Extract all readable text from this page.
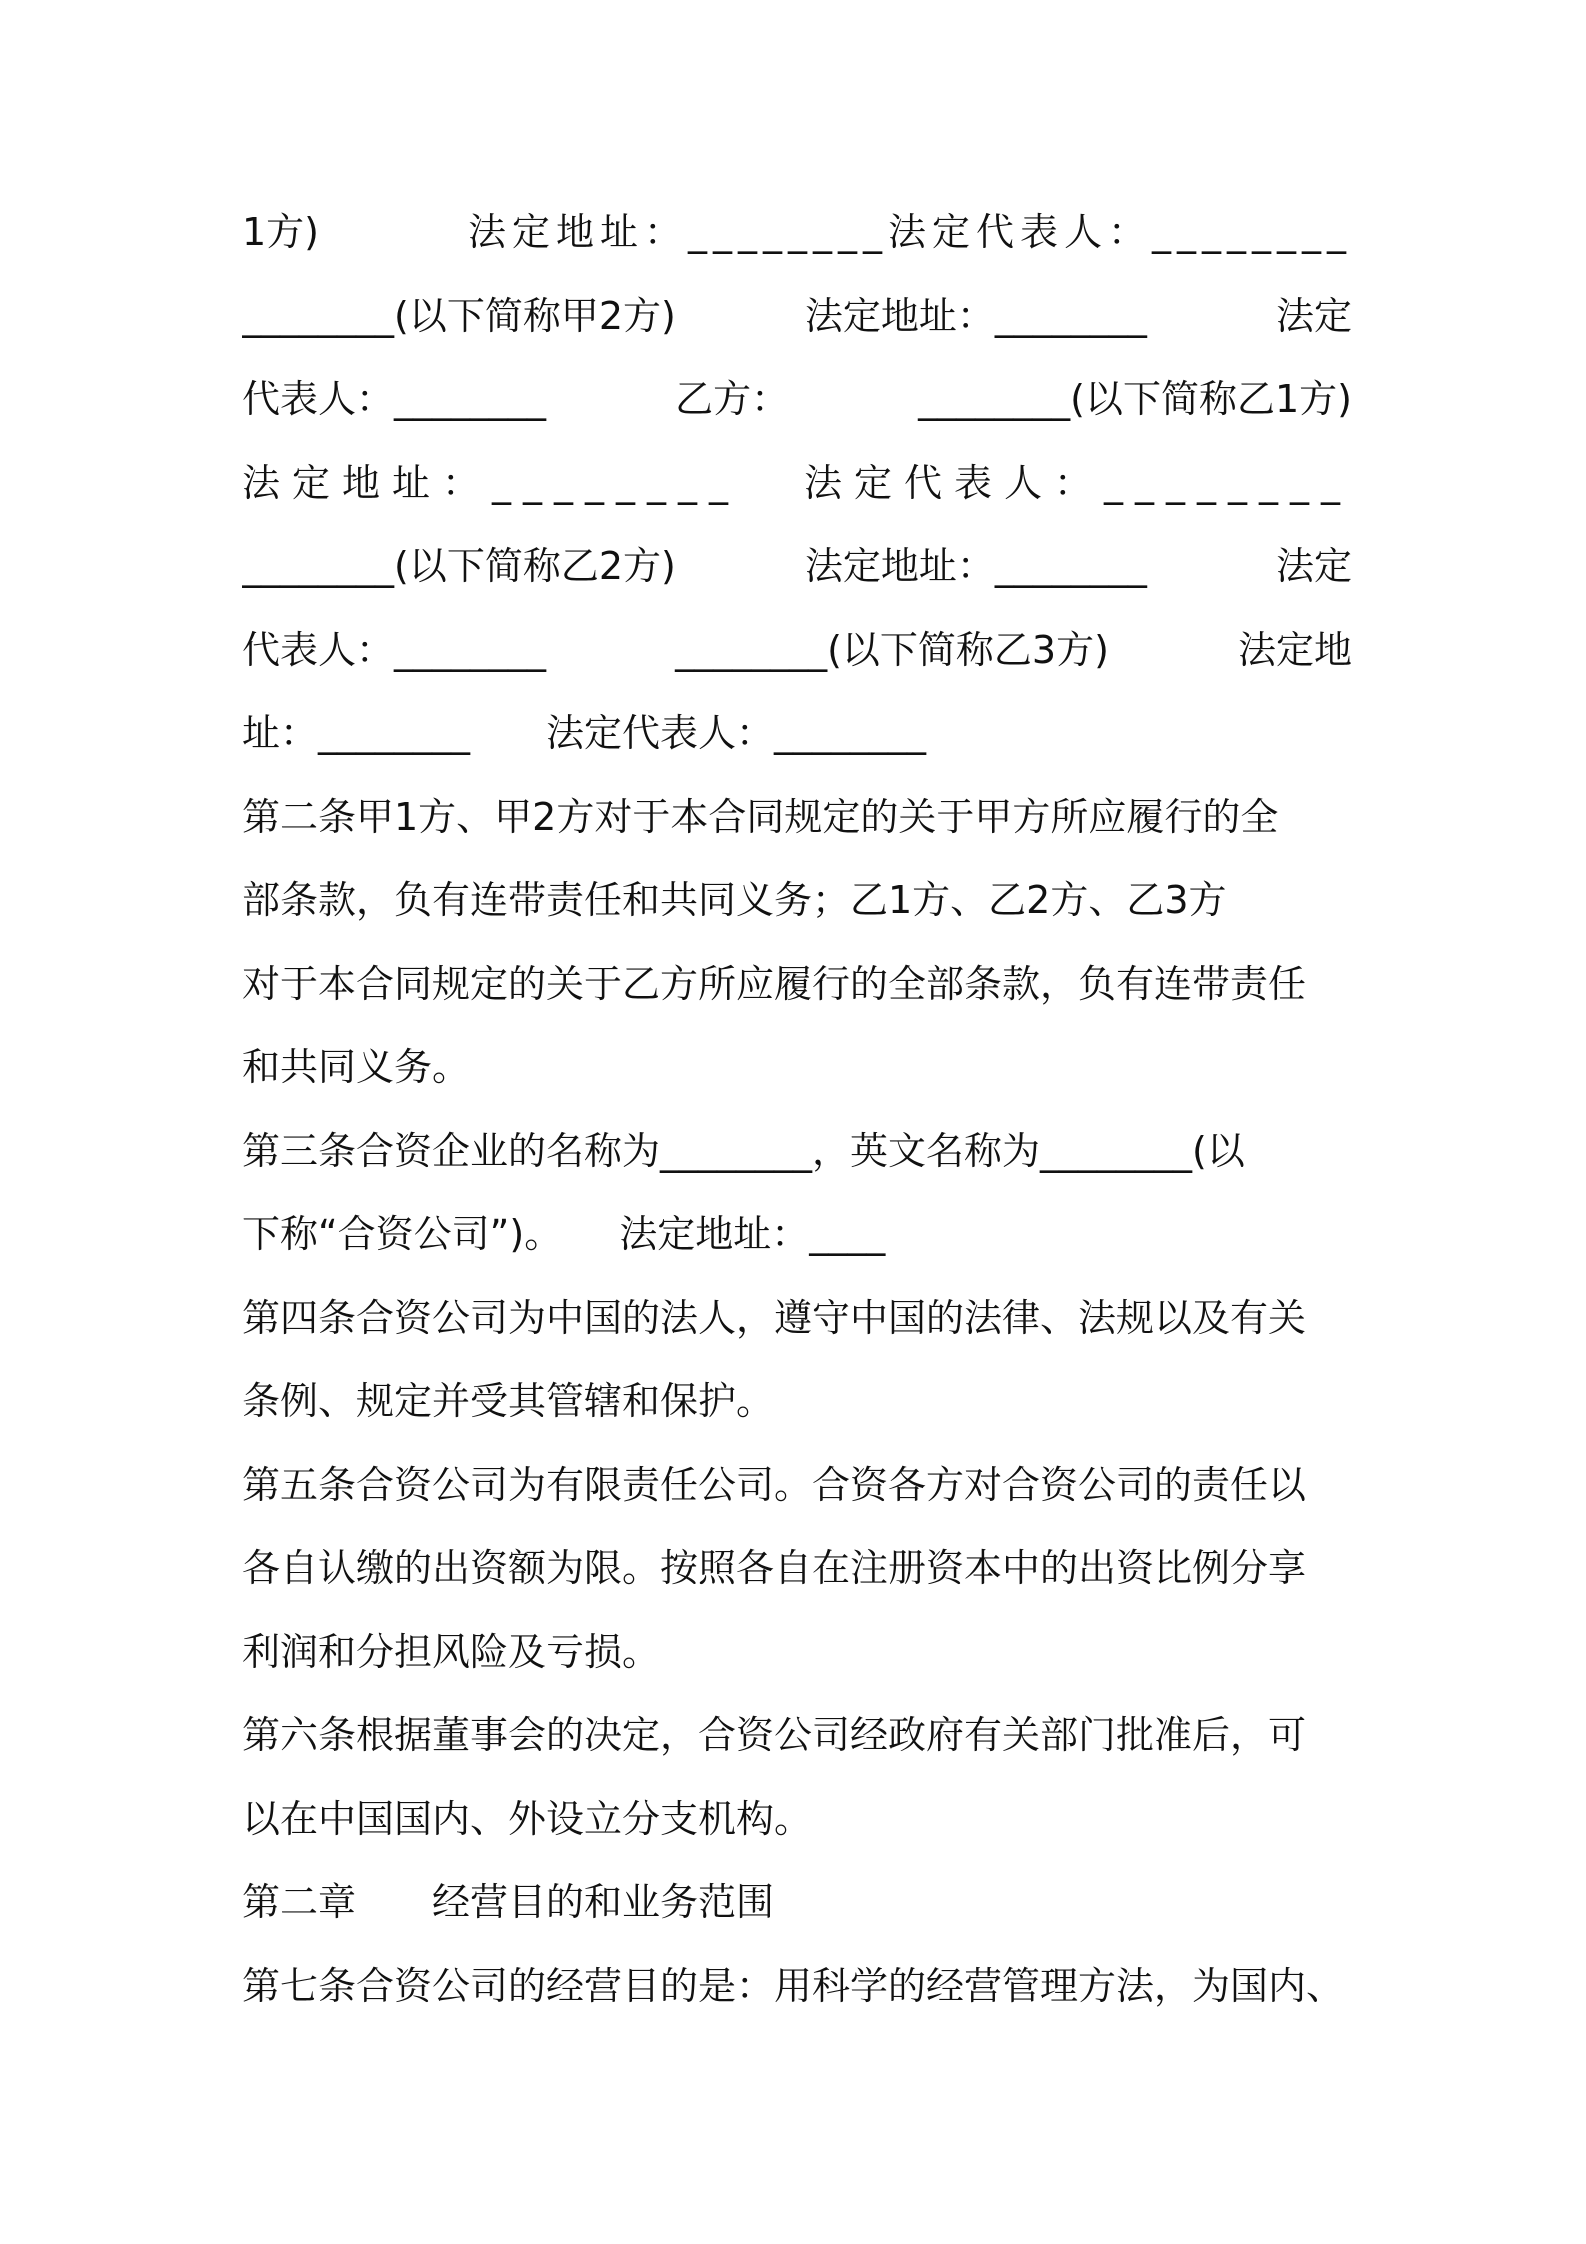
1方)	法定地址：________法定代表人：________
________(以下简称甲2方)	法定地址：________	法定
代表人：________	乙方：	________(以下简称乙1方)
法定地址：________ 法定代表人：________
________(以下简称乙2方)	法定地址：________	法定
代表人：________	________(以下简称乙3方)	法定地
址：________　　法定代表人：________
第二条甲1方、甲2方对于本合同规定的关于甲方所应履行的全
部条款，负有连带责任和共同义务；乙1方、乙2方、乙3方
对于本合同规定的关于乙方所应履行的全部条款，负有连带责任
和共同义务。
第三条合资企业的名称为________，英文名称为________(以
下称“合资公司”)。　　法定地址：____
第四条合资公司为中国的法人，遵守中国的法律、法规以及有关
条例、规定并受其管辖和保护。
第五条合资公司为有限责任公司。合资各方对合资公司的责任以
各自认缴的出资额为限。按照各自在注册资本中的出资比例分享
利润和分担风险及亏损。
第六条根据董事会的决定，合资公司经政府有关部门批准后，可
以在中国国内、外设立分支机构。
第二章　　经营目的和业务范围
第七条合资公司的经营目的是：用科学的经营管理方法，为国内、
